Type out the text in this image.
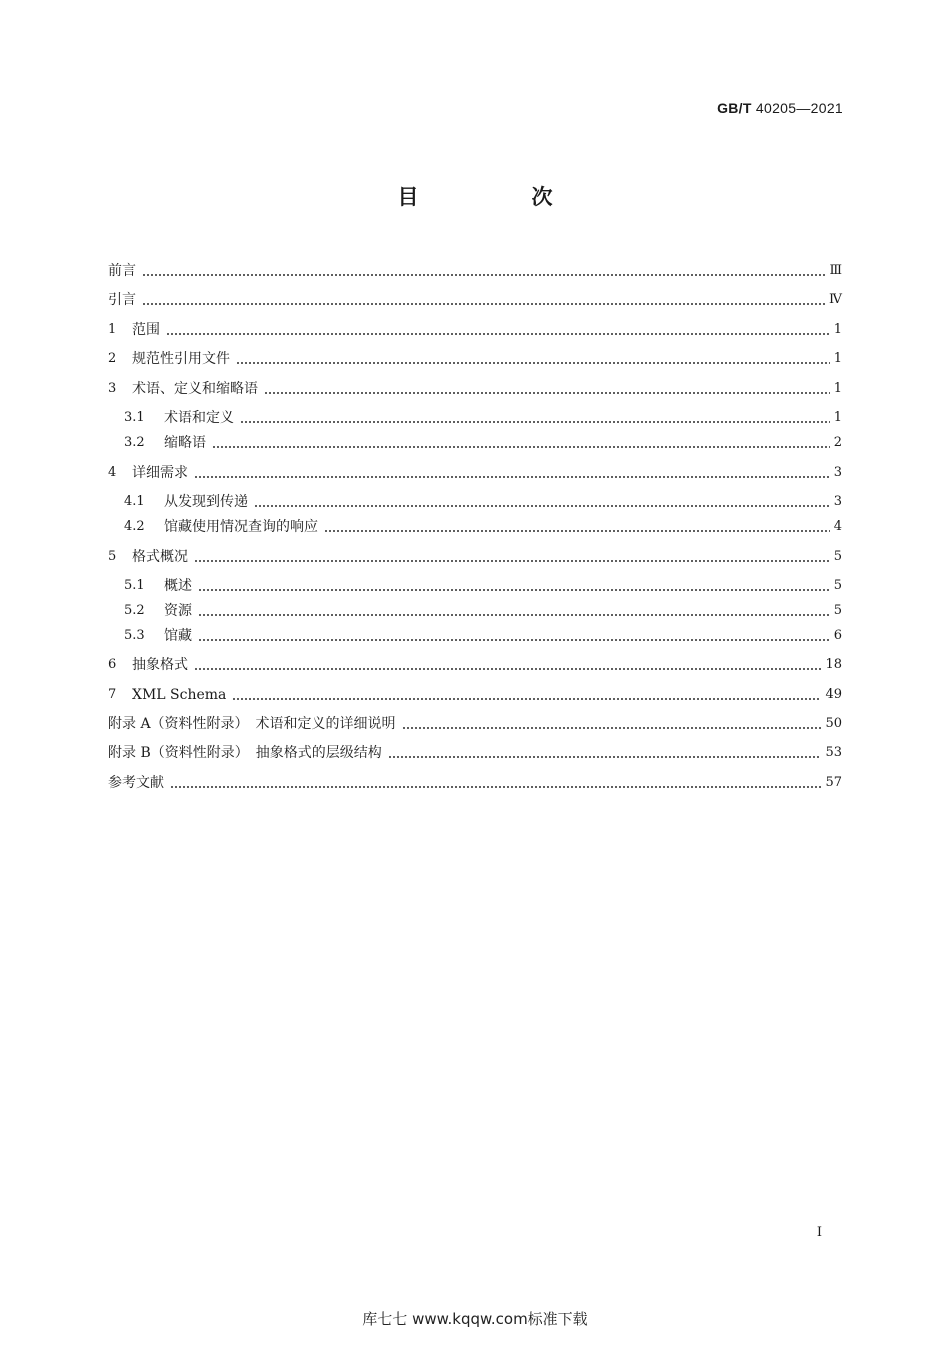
GB/T 40205—2021
目　次
前言	Ⅲ
引言	Ⅳ
1	范围	1
2	规范性引用文件	1
3	术语、定义和缩略语	1
3.1	术语和定义	1
3.2	缩略语	2
4	详细需求	3
4.1	从发现到传递	3
4.2	馆藏使用情况查询的响应	4
5	格式概况	5
5.1	概述	5
5.2	资源	5
5.3	馆藏	6
6	抽象格式	18
7	XML Schema	49
附录 A（资料性附录）　术语和定义的详细说明	50
附录 B（资料性附录）　抽象格式的层级结构	53
参考文献	57
Ⅰ
库七七 www.kqqw.com标准下载
